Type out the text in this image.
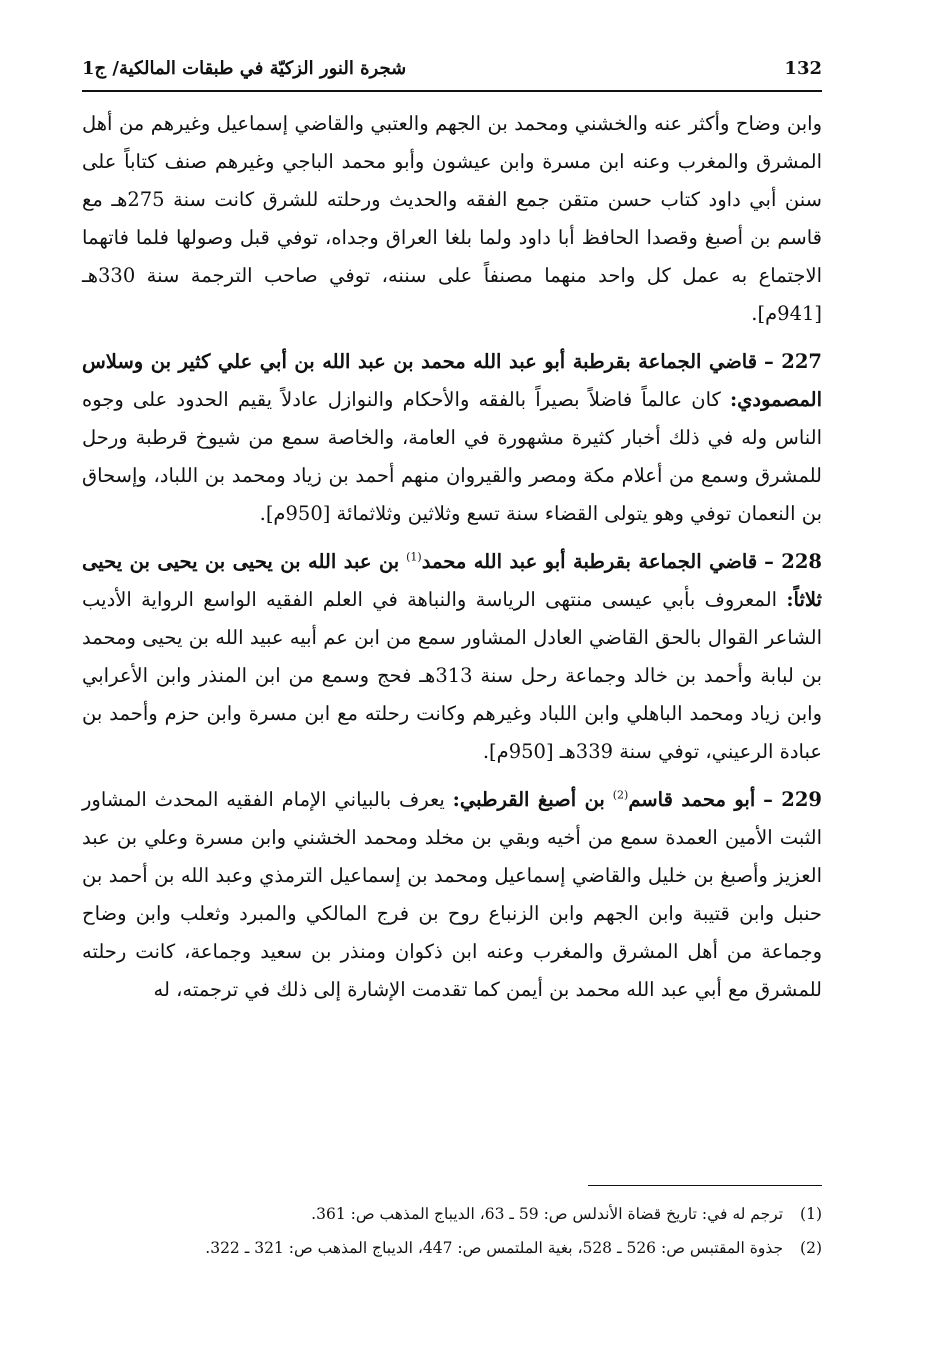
132
شجرة النور الزكيّة في طبقات المالكية/ ج1

وابن وضاح وأكثر عنه والخشني ومحمد بن الجهم والعتبي والقاضي إسماعيل وغيرهم من أهل المشرق والمغرب وعنه ابن مسرة وابن عيشون وأبو محمد الباجي وغيرهم صنف كتاباً على سنن أبي داود كتاب حسن متقن جمع الفقه والحديث ورحلته للشرق كانت سنة 275هـ مع قاسم بن أصبغ وقصدا الحافظ أبا داود ولما بلغا العراق وجداه، توفي قبل وصولها فلما فاتهما الاجتماع به عمل كل واحد منهما مصنفاً على سننه، توفي صاحب الترجمة سنة 330هـ [941م].

227 – قاضي الجماعة بقرطبة أبو عبد الله محمد بن عبد الله بن أبي علي كثير بن وسلاس المصمودي: كان عالماً فاضلاً بصيراً بالفقه والأحكام والنوازل عادلاً يقيم الحدود على وجوه الناس وله في ذلك أخبار كثيرة مشهورة في العامة، والخاصة سمع من شيوخ قرطبة ورحل للمشرق وسمع من أعلام مكة ومصر والقيروان منهم أحمد بن زياد ومحمد بن اللباد، وإسحاق بن النعمان توفي وهو يتولى القضاء سنة تسع وثلاثين وثلاثمائة [950م].

228 – قاضي الجماعة بقرطبة أبو عبد الله محمد$^{(1)}$ بن عبد الله بن يحيى بن يحيى بن يحيى ثلاثاً: المعروف بأبي عيسى منتهى الرياسة والنباهة في العلم الفقيه الواسع الرواية الأديب الشاعر القوال بالحق القاضي العادل المشاور سمع من ابن عم أبيه عبيد الله بن يحيى ومحمد بن لبابة وأحمد بن خالد وجماعة رحل سنة 313هـ فحج وسمع من ابن المنذر وابن الأعرابي وابن زياد ومحمد الباهلي وابن اللباد وغيرهم وكانت رحلته مع ابن مسرة وابن حزم وأحمد بن عبادة الرعيني، توفي سنة 339هـ [950م].

229 – أبو محمد قاسم$^{(2)}$ بن أصبغ القرطبي: يعرف بالبياني الإمام الفقيه المحدث المشاور الثبت الأمين العمدة سمع من أخيه وبقي بن مخلد ومحمد الخشني وابن مسرة وعلي بن عبد العزيز وأصبغ بن خليل والقاضي إسماعيل ومحمد بن إسماعيل الترمذي وعبد الله بن أحمد بن حنبل وابن قتيبة وابن الجهم وابن الزنباع روح بن فرج المالكي والمبرد وثعلب وابن وضاح وجماعة من أهل المشرق والمغرب وعنه ابن ذكوان ومنذر بن سعيد وجماعة، كانت رحلته للمشرق مع أبي عبد الله محمد بن أيمن كما تقدمت الإشارة إلى ذلك في ترجمته، له

(1) ترجم له في: تاريخ قضاة الأندلس ص: 59 ـ 63، الديباج المذهب ص: 361.

(2) جذوة المقتبس ص: 526 ـ 528، بغية الملتمس ص: 447، الديباج المذهب ص: 321 ـ 322.
